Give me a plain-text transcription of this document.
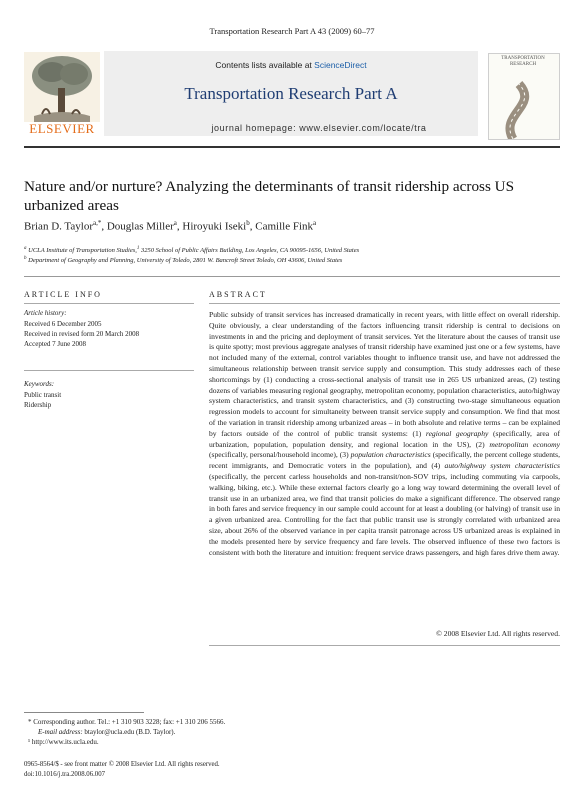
Transportation Research Part A 43 (2009) 60–77
ELSEVIER
Contents lists available at ScienceDirect
Transportation Research Part A
journal homepage: www.elsevier.com/locate/tra
TRANSPORTATION RESEARCH
Nature and/or nurture? Analyzing the determinants of transit ridership across US urbanized areas
Brian D. Taylor$^{a,*}$, Douglas Miller$^a$, Hiroyuki Iseki$^b$, Camille Fink$^a$
$^a$ UCLA Institute of Transportation Studies,$^1$ 3250 School of Public Affairs Building, Los Angeles, CA 90095-1656, United States
$^b$ Department of Geography and Planning, University of Toledo, 2801 W. Bancroft Street Toledo, OH 43606, United States
ARTICLE INFO
Article history:
Received 6 December 2005
Received in revised form 20 March 2008
Accepted 7 June 2008
Keywords:
Public transit
Ridership
ABSTRACT
Public subsidy of transit services has increased dramatically in recent years, with little effect on overall ridership. Quite obviously, a clear understanding of the factors influencing transit ridership is central to decisions on investments in and the pricing and deployment of transit services. Yet the literature about the causes of transit use is quite spotty; most previous aggregate analyses of transit ridership have examined just one or a few systems, have not included many of the external, control variables thought to influence transit use, and have not addressed the simultaneous relationship between transit service supply and consumption. This study addresses each of these shortcomings by (1) conducting a cross-sectional analysis of transit use in 265 US urbanized areas, (2) testing dozens of variables measuring regional geography, metropolitan economy, population characteristics, auto/highway system characteristics, and transit system characteristics, and (3) constructing two-stage simultaneous equation regression models to account for simultaneity between transit service supply and consumption. We find that most of the variation in transit ridership among urbanized areas – in both absolute and relative terms – can be explained by factors outside of the control of public transit systems: (1) regional geography (specifically, area of urbanization, population, population density, and regional location in the US), (2) metropolitan economy (specifically, personal/household income), (3) population characteristics (specifically, the percent college students, recent immigrants, and Democratic voters in the population), and (4) auto/highway system characteristics (specifically, the percent carless households and non-transit/non-SOV trips, including commuting via carpools, walking, biking, etc.). While these external factors clearly go a long way toward determining the overall level of transit use in an urbanized area, we find that transit policies do make a significant difference. The observed range in both fares and service frequency in our sample could account for at least a doubling (or halving) of transit use in a given urbanized area. Controlling for the fact that public transit use is strongly correlated with urbanized area size, about 26% of the observed variance in per capita transit patronage across US urbanized areas is explained in the models presented here by service frequency and fare levels. The observed influence of these two factors is consistent with both the literature and intuition: frequent service draws passengers, and high fares drive them away.
© 2008 Elsevier Ltd. All rights reserved.
* Corresponding author. Tel.: +1 310 903 3228; fax: +1 310 206 5566.
E-mail address: btaylor@ucla.edu (B.D. Taylor).
¹ http://www.its.ucla.edu.
0965-8564/$ - see front matter © 2008 Elsevier Ltd. All rights reserved.
doi:10.1016/j.tra.2008.06.007
